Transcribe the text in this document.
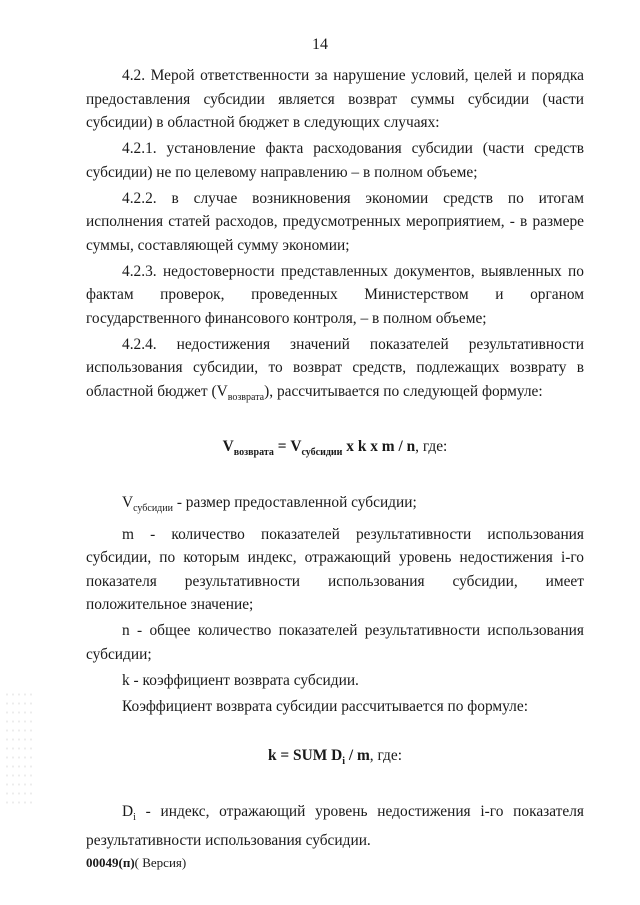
14

4.2. Мерой ответственности за нарушение условий, целей и порядка предоставления субсидии является возврат суммы субсидии (части субсидии) в областной бюджет в следующих случаях:

4.2.1. установление факта расходования субсидии (части средств субсидии) не по целевому направлению – в полном объеме;

4.2.2. в случае возникновения экономии средств по итогам исполнения статей расходов, предусмотренных мероприятием, - в размере суммы, составляющей сумму экономии;

4.2.3. недостоверности представленных документов, выявленных по фактам проверок, проведенных Министерством и органом государственного финансового контроля, – в полном объеме;

4.2.4. недостижения значений показателей результативности использования субсидии, то возврат средств, подлежащих возврату в областной бюджет $(V_{возврата})$, рассчитывается по следующей формуле:

$V_{возврата} = V_{субсидии}$ x k x m / n, где:

$V_{субсидии}$ - размер предоставленной субсидии;

m - количество показателей результативности использования субсидии, по которым индекс, отражающий уровень недостижения i-го показателя результативности использования субсидии, имеет положительное значение;

n - общее количество показателей результативности использования субсидии;

k - коэффициент возврата субсидии.

Коэффициент возврата субсидии рассчитывается по формуле:

k = SUM $D_i$ / m, где:

$D_i$ - индекс, отражающий уровень недостижения i-го показателя результативности использования субсидии.

00049(п)( Версия)
